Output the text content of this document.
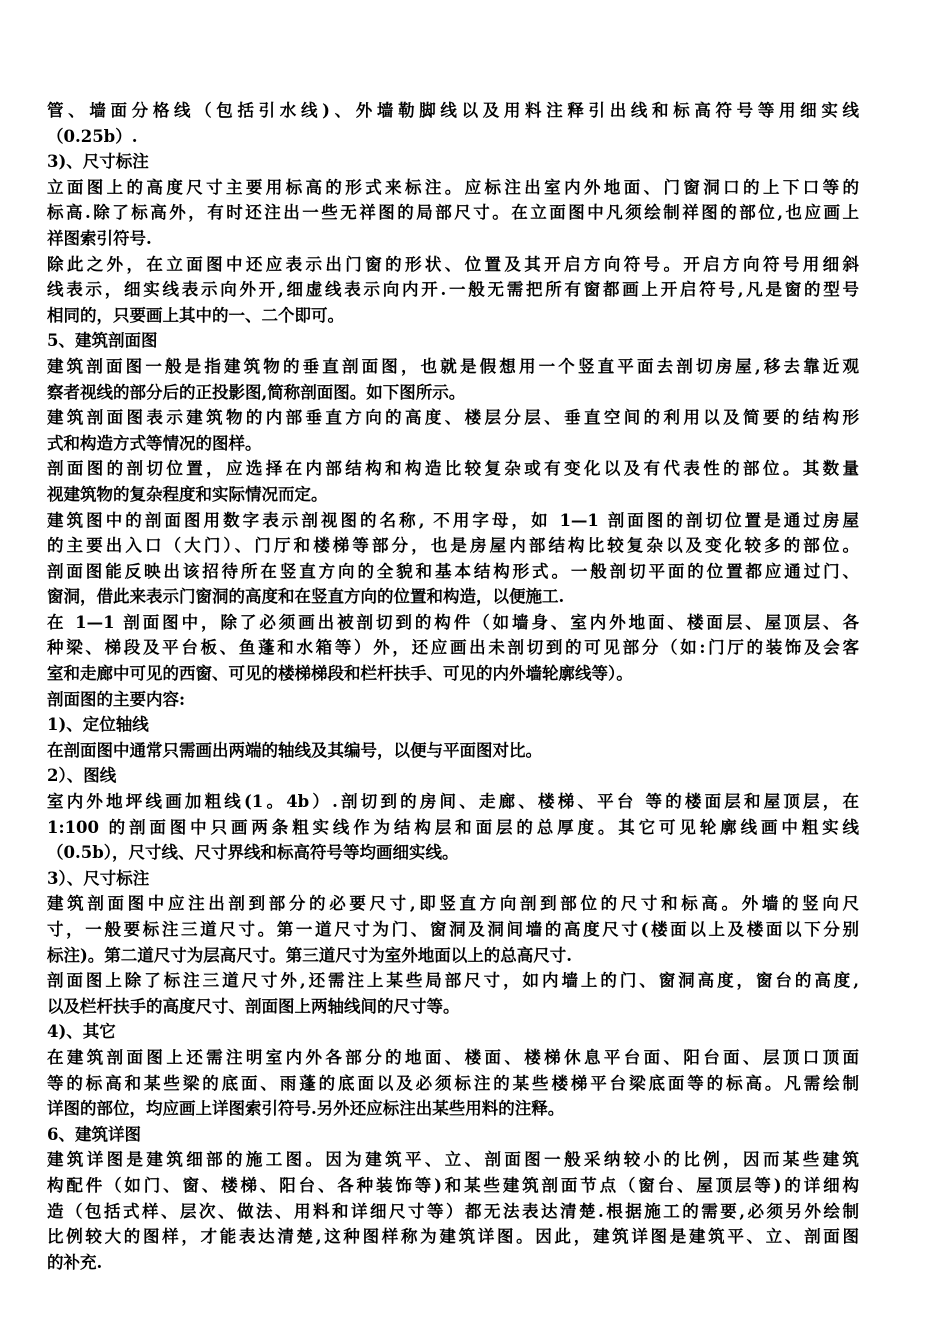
管、墙面分格线（包括引水线)、外墙勒脚线以及用料注释引出线和标高符号等用细实线
（0.25b）.
3)、尺寸标注
立面图上的高度尺寸主要用标高的形式来标注。应标注出室内外地面、门窗洞口的上下口等的
标高.除了标高外，有时还注出一些无祥图的局部尺寸。在立面图中凡须绘制祥图的部位,也应画上
祥图索引符号.
除此之外，在立面图中还应表示出门窗的形状、位置及其开启方向符号。开启方向符号用细斜
线表示，细实线表示向外开,细虚线表示向内开.一般无需把所有窗都画上开启符号,凡是窗的型号
相同的，只要画上其中的一、二个即可。
5、建筑剖面图
建筑剖面图一般是指建筑物的垂直剖面图，也就是假想用一个竖直平面去剖切房屋,移去靠近观
察者视线的部分后的正投影图,简称剖面图。如下图所示。
建筑剖面图表示建筑物的内部垂直方向的高度、楼层分层、垂直空间的利用以及简要的结构形
式和构造方式等情况的图样。
剖面图的剖切位置，应选择在内部结构和构造比较复杂或有变化以及有代表性的部位。其数量
视建筑物的复杂程度和实际情况而定。
建筑图中的剖面图用数字表示剖视图的名称, 不用字母，如 1—1 剖面图的剖切位置是通过房屋
的主要出入口（大门）、门厅和楼梯等部分，也是房屋内部结构比较复杂以及变化较多的部位。
剖面图能反映出该招待所在竖直方向的全貌和基本结构形式。一般剖切平面的位置都应通过门、
窗洞，借此来表示门窗洞的高度和在竖直方向的位置和构造，以便施工.
在 1—1 剖面图中，除了必须画出被剖切到的构件（如墙身、室内外地面、楼面层、屋顶层、各
种梁、梯段及平台板、鱼蓬和水箱等）外，还应画出未剖切到的可见部分（如:门厅的装饰及会客
室和走廊中可见的西窗、可见的楼梯梯段和栏杆扶手、可见的内外墙轮廓线等）。
剖面图的主要内容:
1)、定位轴线
在剖面图中通常只需画出两端的轴线及其编号，以便与平面图对比。
2）、图线
室内外地坪线画加粗线(1。4b）.剖切到的房间、走廊、楼梯、平台 等的楼面层和屋顶层，在
1:100 的剖面图中只画两条粗实线作为结构层和面层的总厚度。其它可见轮廓线画中粗实线
（0.5b），尺寸线、尺寸界线和标高符号等均画细实线。
3）、尺寸标注
建筑剖面图中应注出剖到部分的必要尺寸,即竖直方向剖到部位的尺寸和标高。外墙的竖向尺
寸，一般要标注三道尺寸。第一道尺寸为门、窗洞及洞间墙的高度尺寸(楼面以上及楼面以下分别
标注)。第二道尺寸为层高尺寸。第三道尺寸为室外地面以上的总高尺寸.
剖面图上除了标注三道尺寸外,还需注上某些局部尺寸，如内墙上的门、窗洞高度，窗台的高度,
以及栏杆扶手的高度尺寸、剖面图上两轴线间的尺寸等。
4)、其它
在建筑剖面图上还需注明室内外各部分的地面、楼面、楼梯休息平台面、阳台面、层顶口顶面
等的标高和某些梁的底面、雨蓬的底面以及必须标注的某些楼梯平台梁底面等的标高。凡需绘制
详图的部位，均应画上详图索引符号.另外还应标注出某些用料的注释。
6、建筑详图
建筑详图是建筑细部的施工图。因为建筑平、立、剖面图一般采纳较小的比例，因而某些建筑
构配件（如门、窗、楼梯、阳台、各种装饰等)和某些建筑剖面节点（窗台、屋顶层等)的详细构
造（包括式样、层次、做法、用料和详细尺寸等）都无法表达清楚.根据施工的需要,必须另外绘制
比例较大的图样，才能表达清楚,这种图样称为建筑详图。因此，建筑详图是建筑平、立、剖面图
的补充.
